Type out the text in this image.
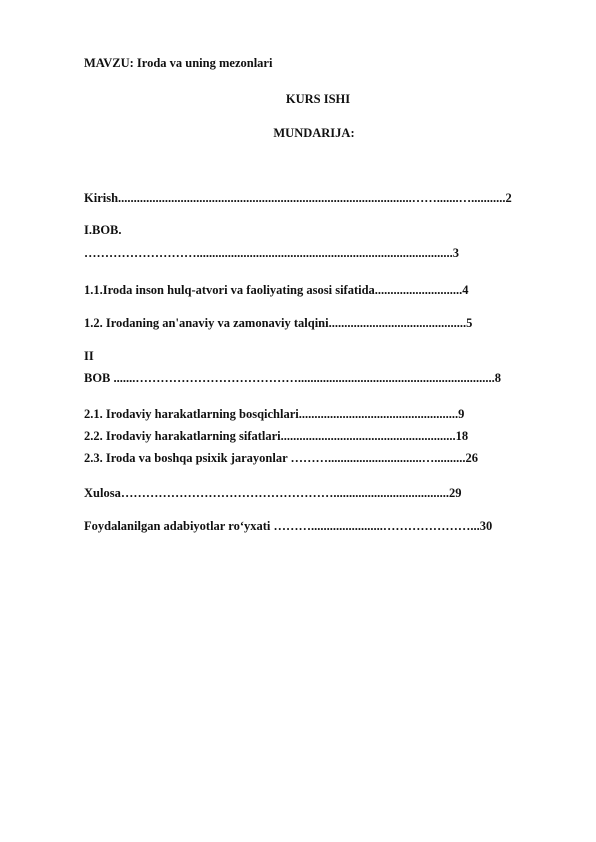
MAVZU: Iroda va uning mezonlari
KURS ISHI
MUNDARIJA:
Kirish..............................................................................................…….......…...........2
I.BOB.
………………………..................................................................................3
1.1.Iroda inson hulq-atvori va faoliyating asosi sifatida............................4
1.2. Irodaning an'anaviy va zamonaviy talqini............................................5
II
BOB .......…………………………………...............................................................8
2.1. Irodaviy harakatlarning bosqichlari...................................................9
2.2. Irodaviy harakatlarning sifatlari........................................................18
2.3. Iroda va boshqa psixik jarayonlar ………..............................…..........26
Xulosa…………………………………………….....................................29
Foydalanilgan adabiyotlar ro‘yxati ……….......................…………………...30
